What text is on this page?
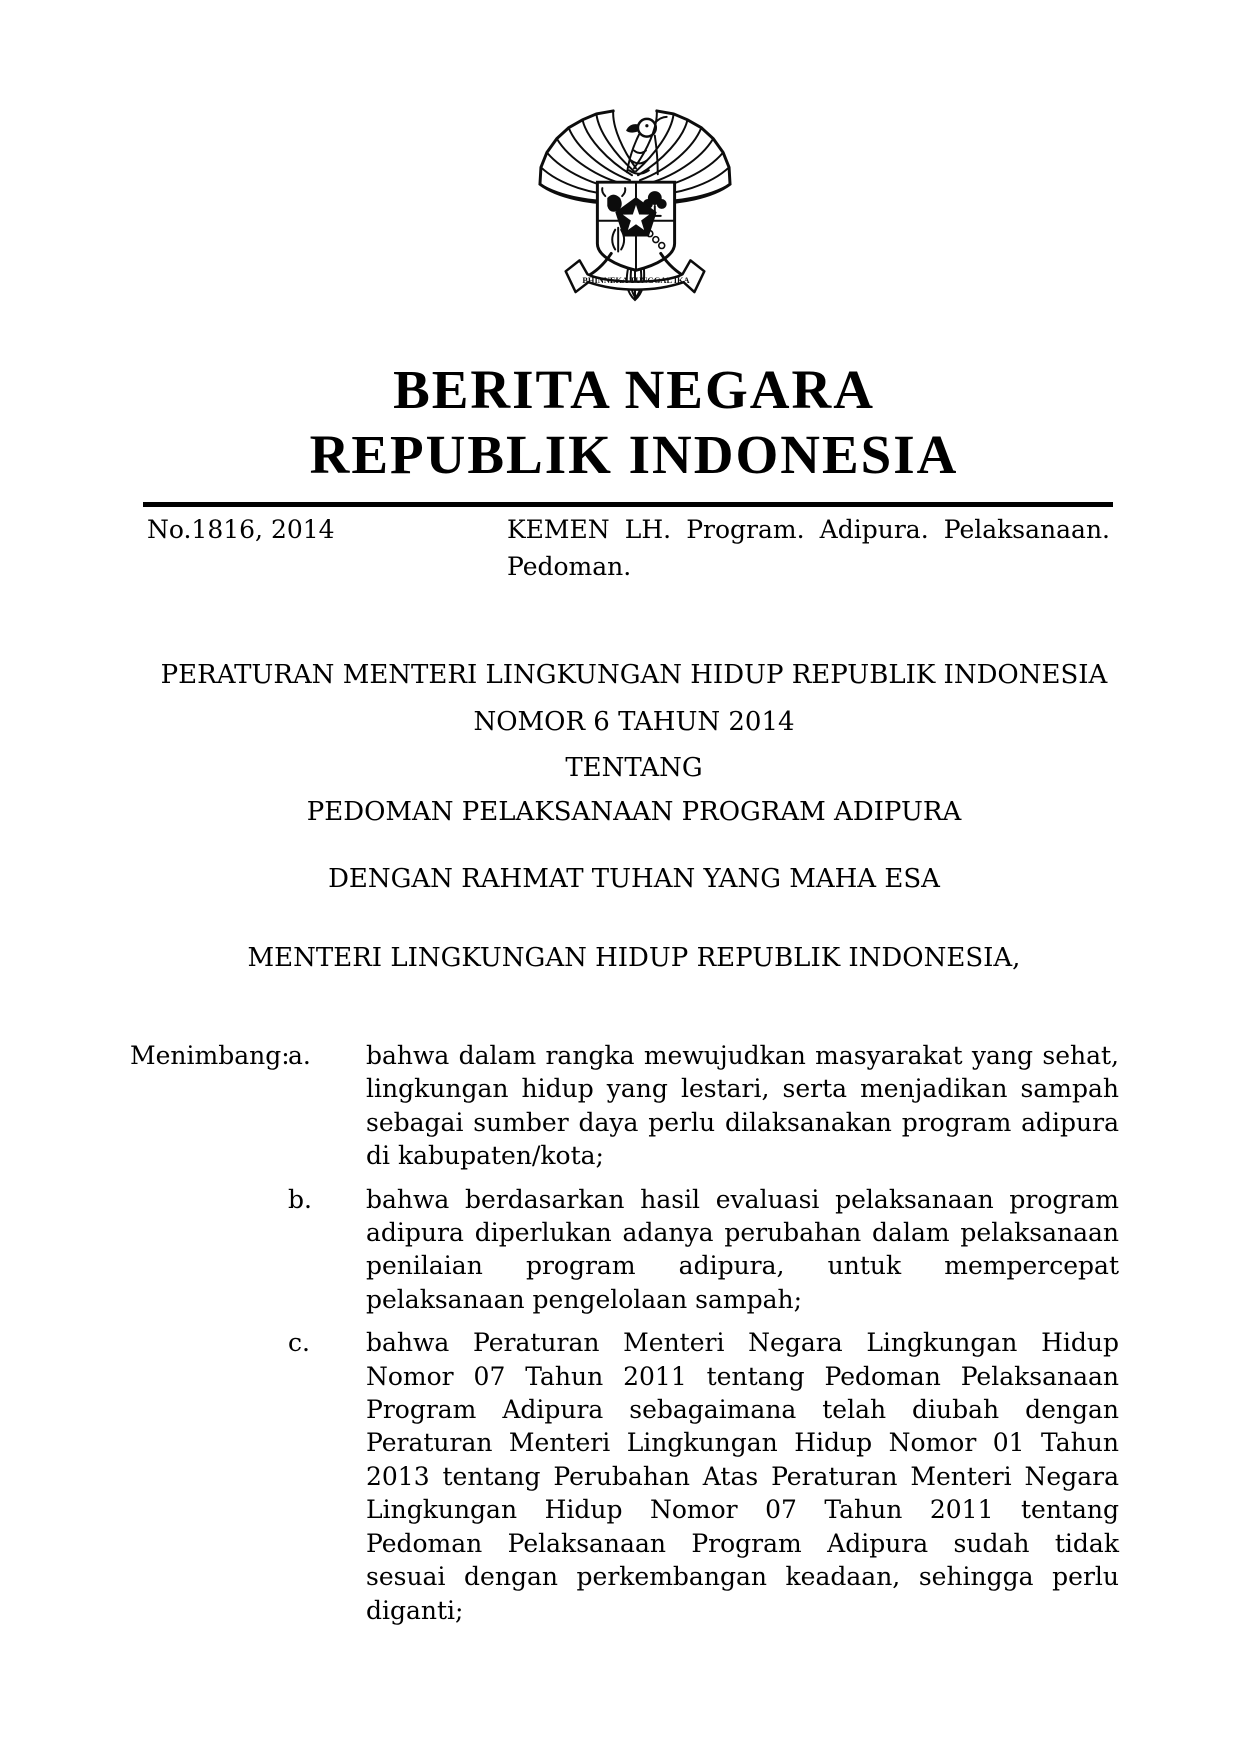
BHINNEKA TUNGGAL IKA
BERITA NEGARA
REPUBLIK INDONESIA
No.1816, 2014	KEMEN LH. Program. Adipura. Pelaksanaan. Pedoman.
PERATURAN MENTERI LINGKUNGAN HIDUP REPUBLIK INDONESIA
NOMOR 6 TAHUN 2014
TENTANG
PEDOMAN PELAKSANAAN PROGRAM ADIPURA
DENGAN RAHMAT TUHAN YANG MAHA ESA
MENTERI LINGKUNGAN HIDUP REPUBLIK INDONESIA,
Menimbang:
a.	bahwa dalam rangka mewujudkan masyarakat yang sehat, lingkungan hidup yang lestari, serta menjadikan sampah sebagai sumber daya perlu dilaksanakan program adipura di kabupaten/kota;
b.	bahwa berdasarkan hasil evaluasi pelaksanaan program adipura diperlukan adanya perubahan dalam pelaksanaan penilaian program adipura, untuk mempercepat pelaksanaan pengelolaan sampah;
c.	bahwa Peraturan Menteri Negara Lingkungan Hidup Nomor 07 Tahun 2011 tentang Pedoman Pelaksanaan Program Adipura sebagaimana telah diubah dengan Peraturan Menteri Lingkungan Hidup Nomor 01 Tahun 2013 tentang Perubahan Atas Peraturan Menteri Negara Lingkungan Hidup Nomor 07 Tahun 2011 tentang Pedoman Pelaksanaan Program Adipura sudah tidak sesuai dengan perkembangan keadaan, sehingga perlu diganti;
